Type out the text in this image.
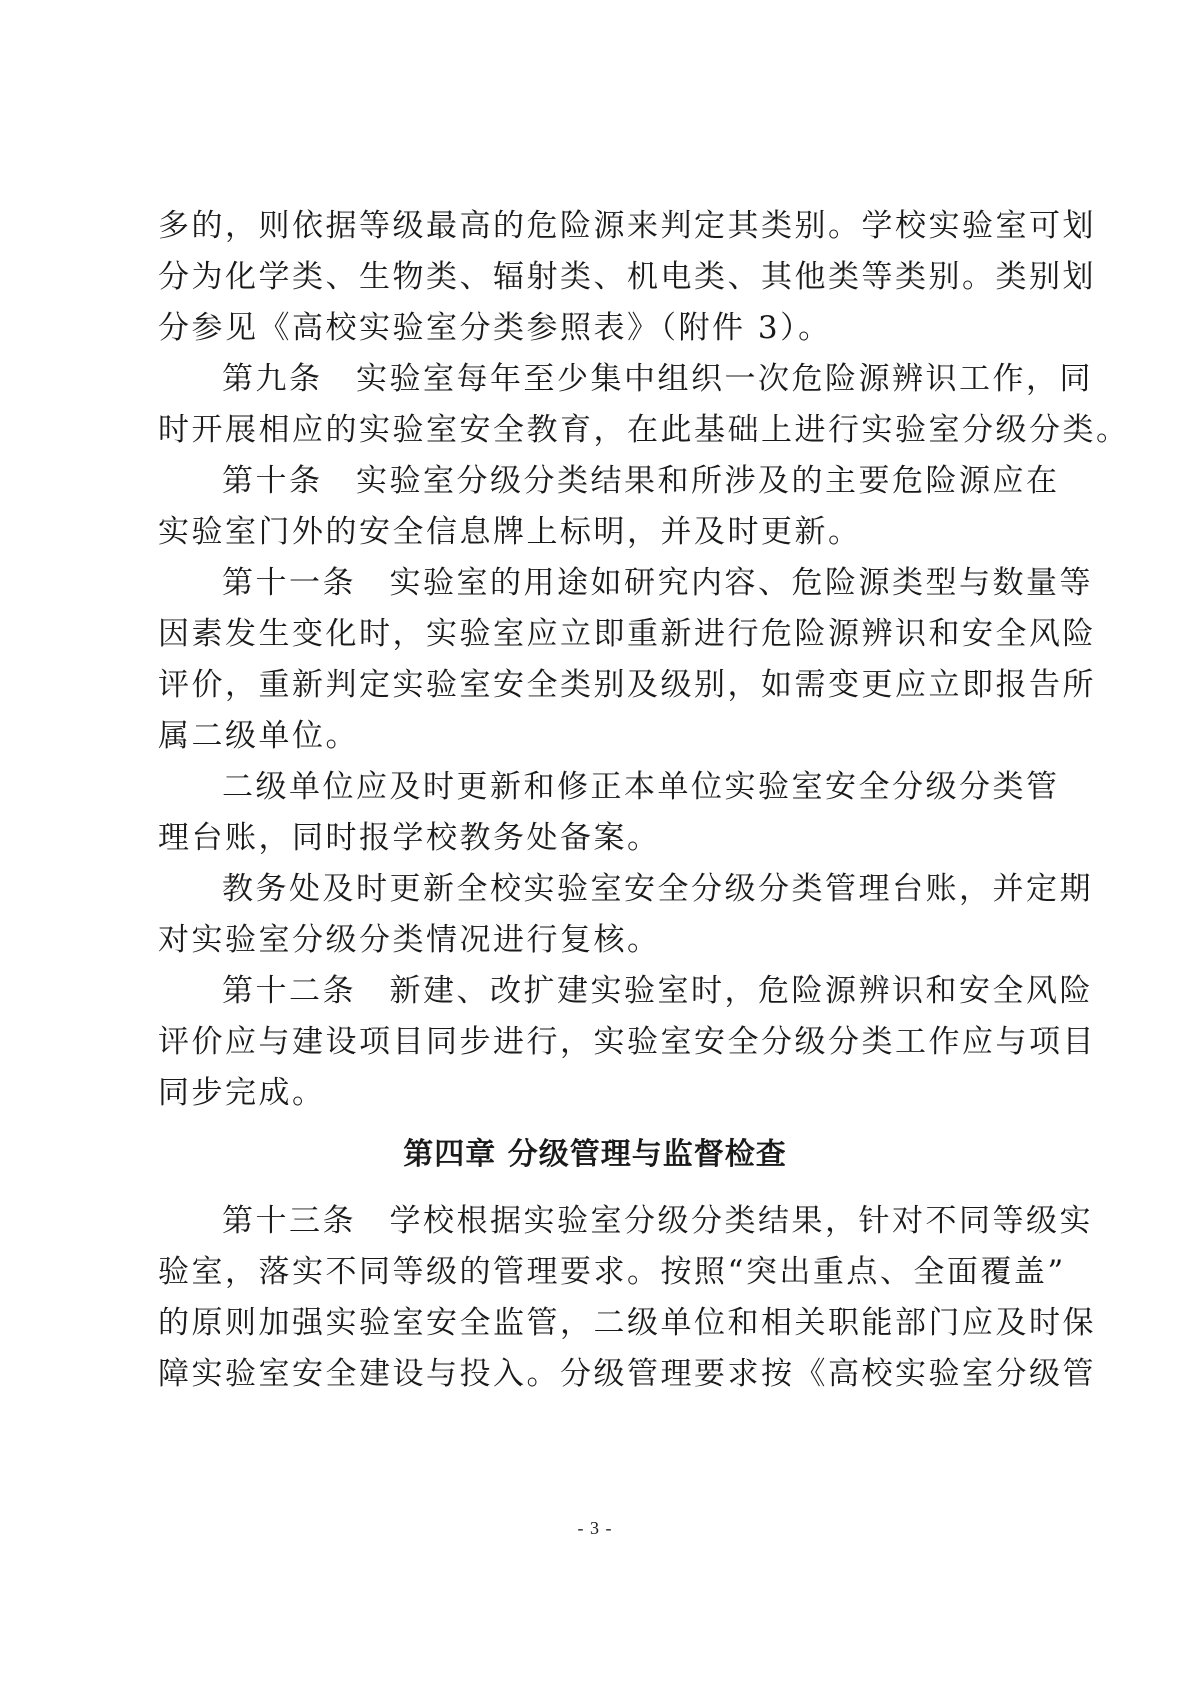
多的，则依据等级最高的危险源来判定其类别。学校实验室可划
分为化学类、生物类、辐射类、机电类、其他类等类别。类别划
分参见《高校实验室分类参照表》（附件 3）。
第九条　实验室每年至少集中组织一次危险源辨识工作，同
时开展相应的实验室安全教育，在此基础上进行实验室分级分类。
第十条　实验室分级分类结果和所涉及的主要危险源应在
实验室门外的安全信息牌上标明，并及时更新。
第十一条　实验室的用途如研究内容、危险源类型与数量等
因素发生变化时，实验室应立即重新进行危险源辨识和安全风险
评价，重新判定实验室安全类别及级别，如需变更应立即报告所
属二级单位。
二级单位应及时更新和修正本单位实验室安全分级分类管
理台账，同时报学校教务处备案。
教务处及时更新全校实验室安全分级分类管理台账，并定期
对实验室分级分类情况进行复核。
第十二条　新建、改扩建实验室时，危险源辨识和安全风险
评价应与建设项目同步进行，实验室安全分级分类工作应与项目
同步完成。
第四章 分级管理与监督检查
第十三条　学校根据实验室分级分类结果，针对不同等级实
验室，落实不同等级的管理要求。按照“突出重点、全面覆盖”
的原则加强实验室安全监管，二级单位和相关职能部门应及时保
障实验室安全建设与投入。分级管理要求按《高校实验室分级管
- 3 -
